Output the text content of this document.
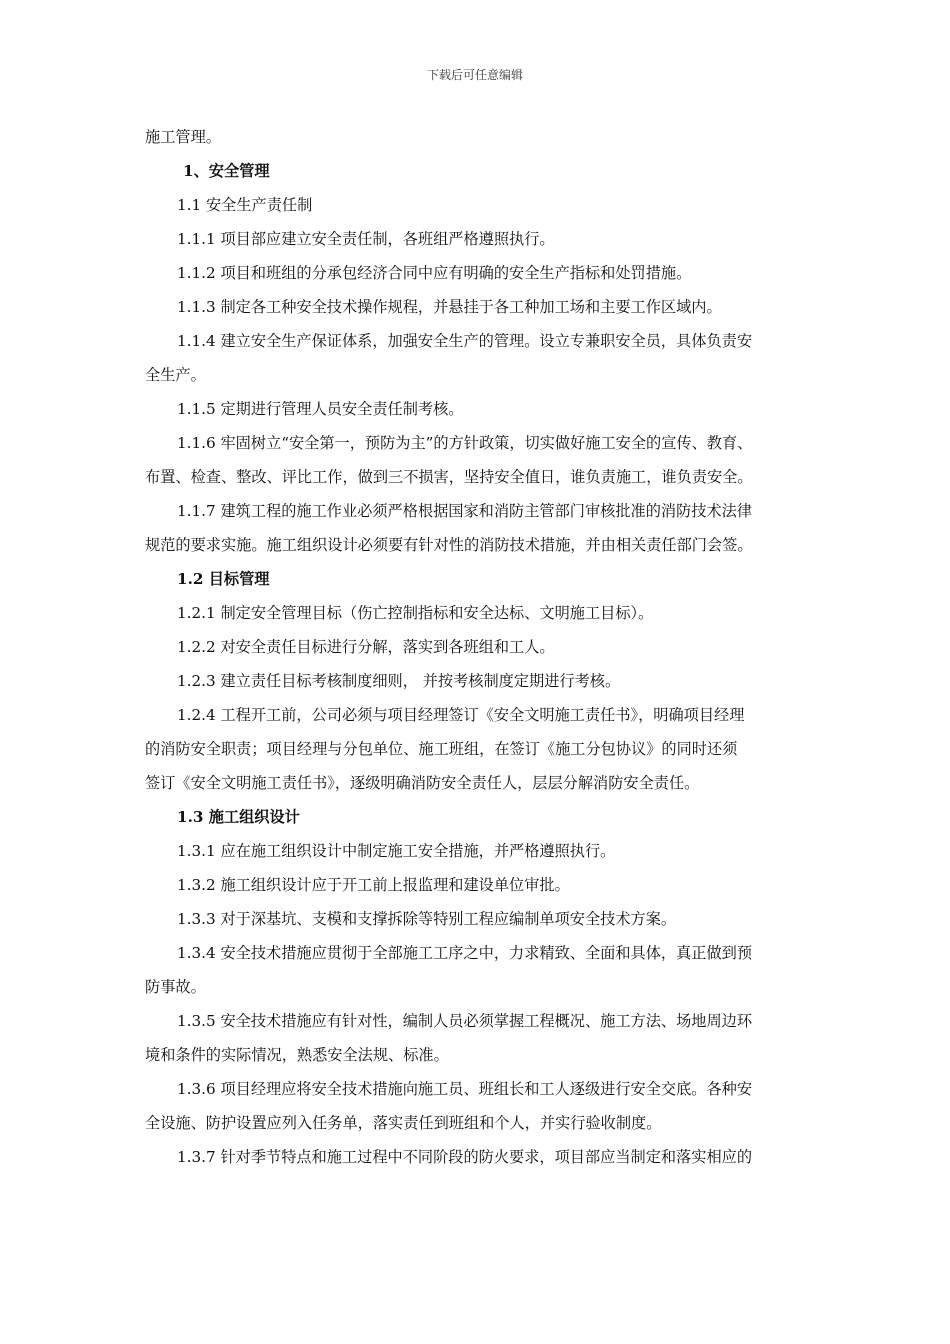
下载后可任意编辑
施工管理。
1、安全管理
1.1 安全生产责任制
1.1.1 项目部应建立安全责任制，各班组严格遵照执行。
1.1.2 项目和班组的分承包经济合同中应有明确的安全生产指标和处罚措施。
1.1.3 制定各工种安全技术操作规程，并悬挂于各工种加工场和主要工作区域内。
1.1.4 建立安全生产保证体系，加强安全生产的管理。设立专兼职安全员，具体负责安
全生产。
1.1.5 定期进行管理人员安全责任制考核。
1.1.6 牢固树立“安全第一，预防为主”的方针政策，切实做好施工安全的宣传、教育、
布置、检查、整改、评比工作，做到三不损害，坚持安全值日，谁负责施工，谁负责安全。
1.1.7 建筑工程的施工作业必须严格根据国家和消防主管部门审核批准的消防技术法律
规范的要求实施。施工组织设计必须要有针对性的消防技术措施，并由相关责任部门会签。
1.2 目标管理
1.2.1 制定安全管理目标（伤亡控制指标和安全达标、文明施工目标）。
1.2.2 对安全责任目标进行分解，落实到各班组和工人。
1.2.3 建立责任目标考核制度细则， 并按考核制度定期进行考核。
1.2.4 工程开工前，公司必须与项目经理签订《安全文明施工责任书》，明确项目经理
的消防安全职责；项目经理与分包单位、施工班组，在签订《施工分包协议》的同时还须
签订《安全文明施工责任书》，逐级明确消防安全责任人，层层分解消防安全责任。
1.3 施工组织设计
1.3.1 应在施工组织设计中制定施工安全措施，并严格遵照执行。
1.3.2 施工组织设计应于开工前上报监理和建设单位审批。
1.3.3 对于深基坑、支模和支撑拆除等特别工程应编制单项安全技术方案。
1.3.4 安全技术措施应贯彻于全部施工工序之中，力求精致、全面和具体，真正做到预
防事故。
1.3.5 安全技术措施应有针对性，编制人员必须掌握工程概况、施工方法、场地周边环
境和条件的实际情况，熟悉安全法规、标准。
1.3.6 项目经理应将安全技术措施向施工员、班组长和工人逐级进行安全交底。各种安
全设施、防护设置应列入任务单，落实责任到班组和个人，并实行验收制度。
1.3.7 针对季节特点和施工过程中不同阶段的防火要求，项目部应当制定和落实相应的
